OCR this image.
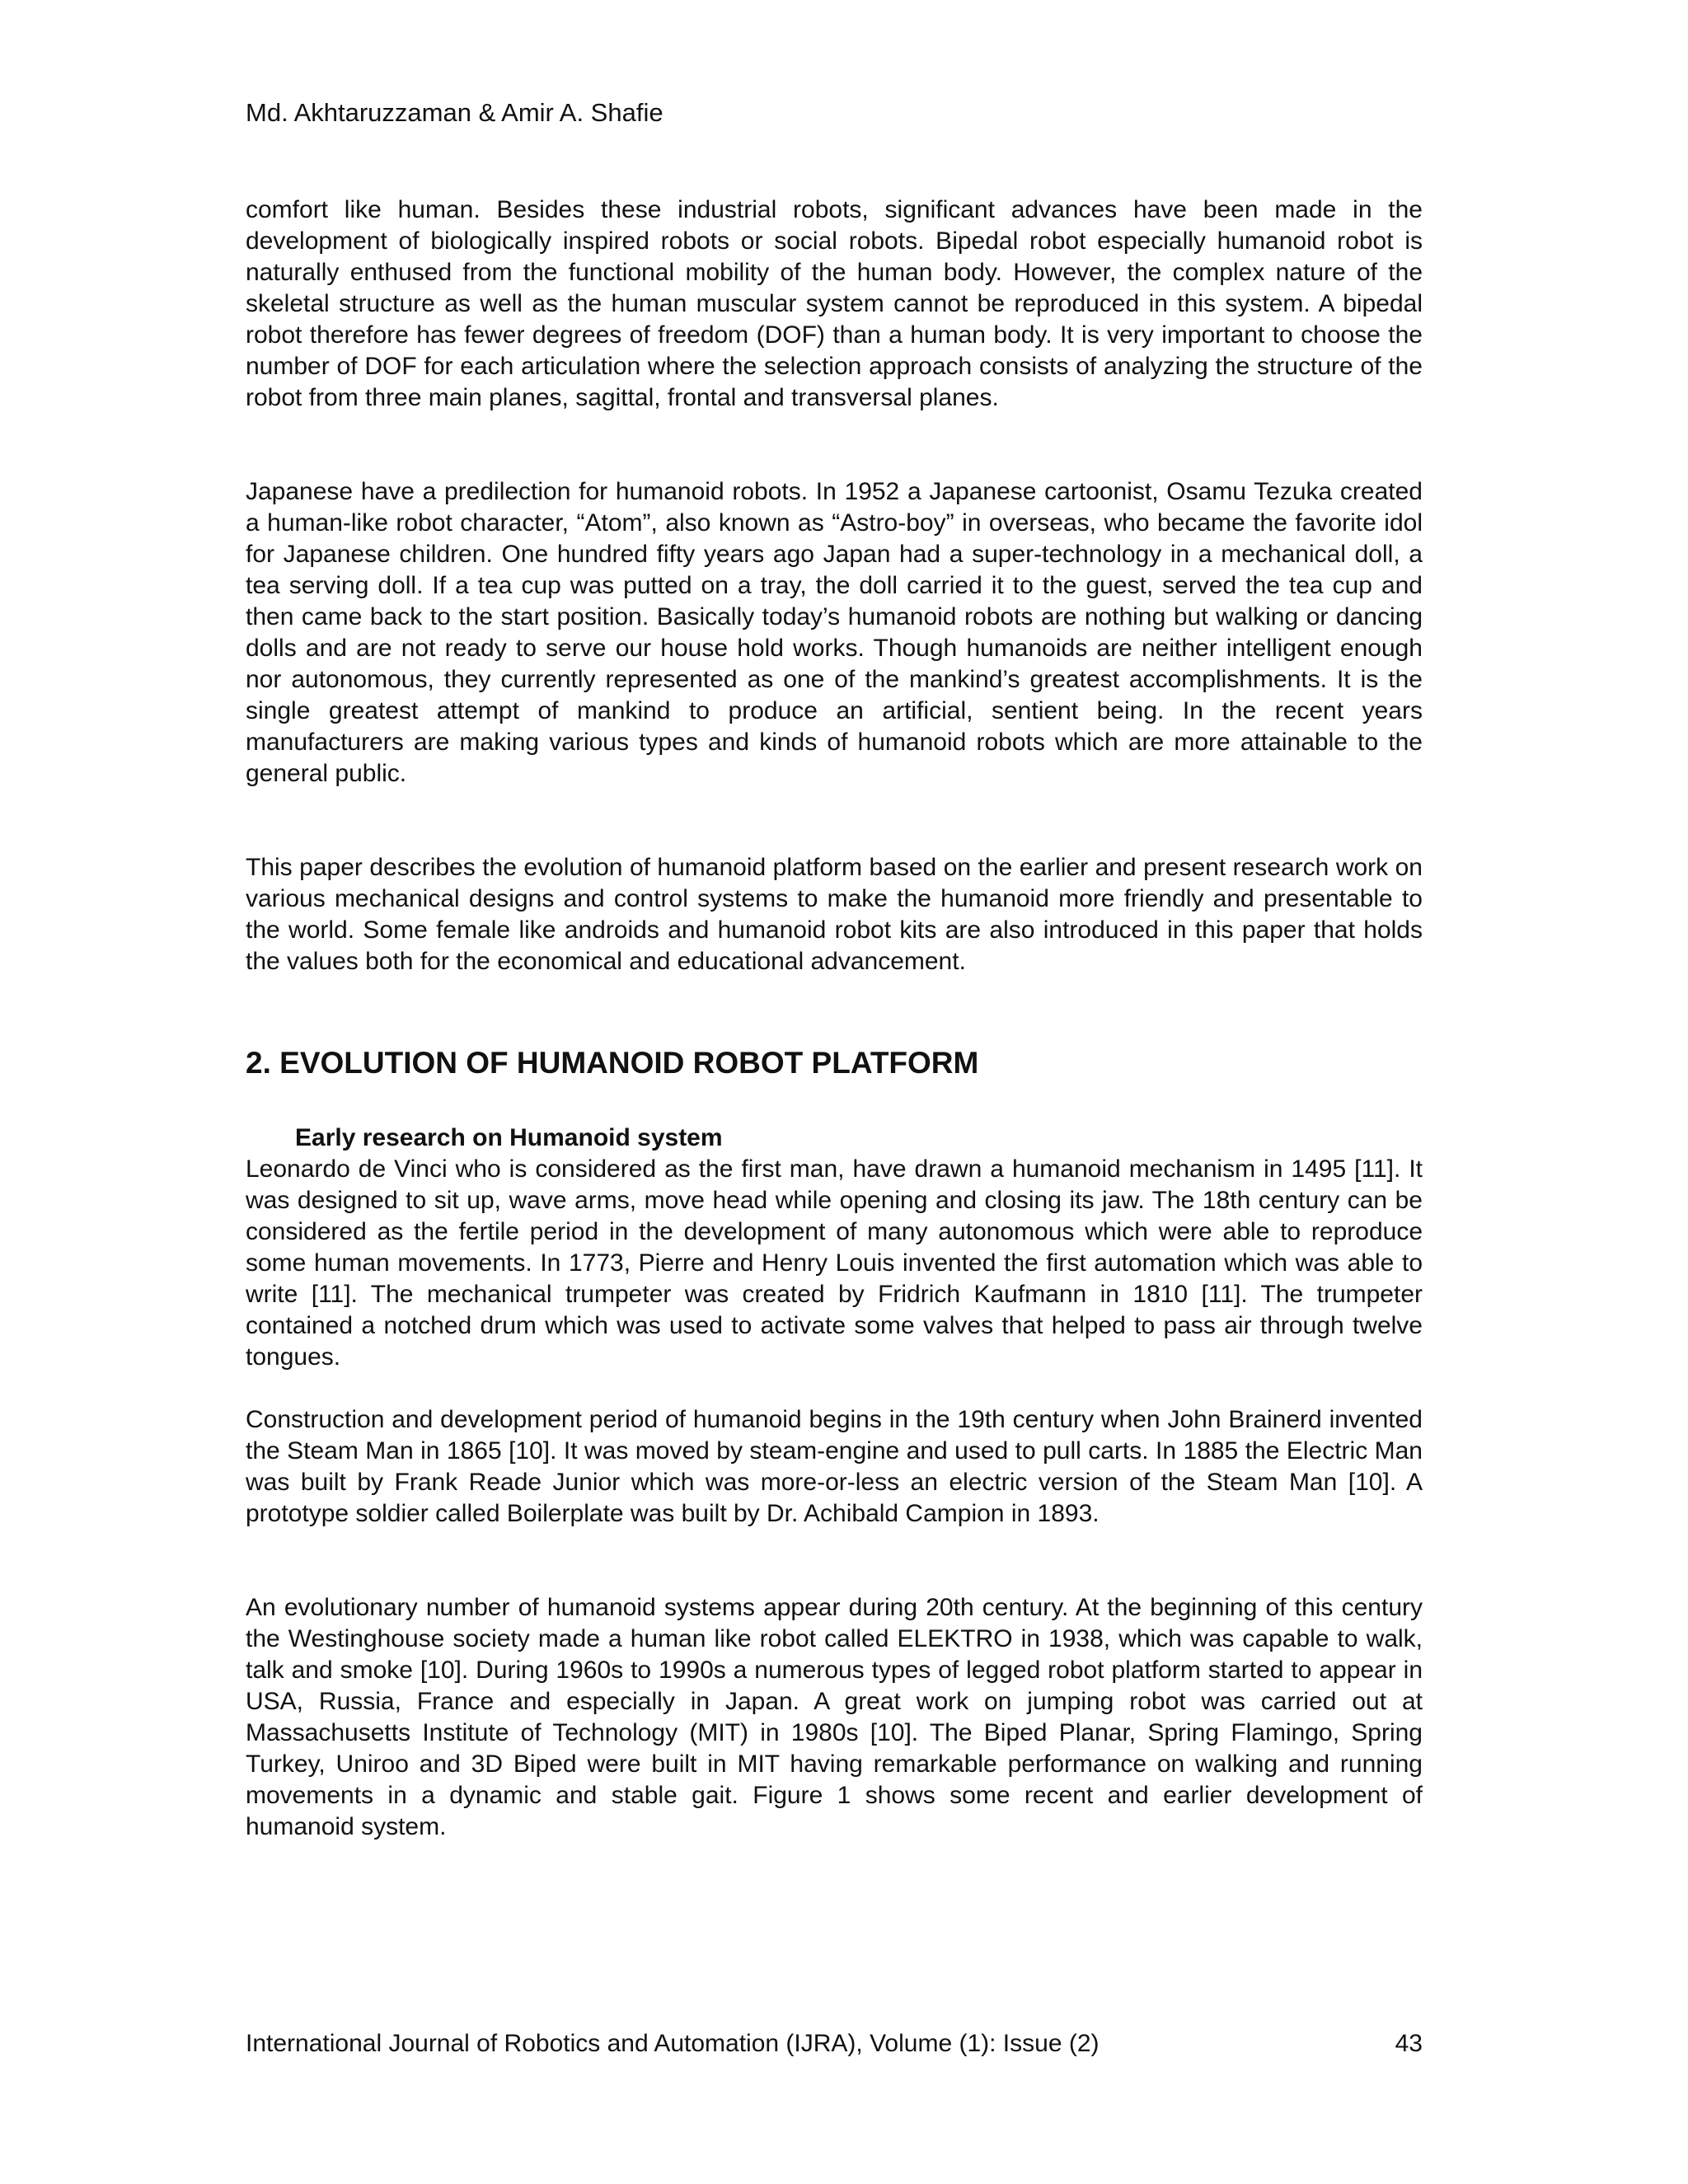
Md. Akhtaruzzaman & Amir A. Shafie

comfort like human. Besides these industrial robots, significant advances have been made in the development of biologically inspired robots or social robots. Bipedal robot especially humanoid robot is naturally enthused from the functional mobility of the human body. However, the complex nature of the skeletal structure as well as the human muscular system cannot be reproduced in this system. A bipedal robot therefore has fewer degrees of freedom (DOF) than a human body. It is very important to choose the number of DOF for each articulation where the selection approach consists of analyzing the structure of the robot from three main planes, sagittal, frontal and transversal planes.

Japanese have a predilection for humanoid robots. In 1952 a Japanese cartoonist, Osamu Tezuka created a human-like robot character, “Atom”, also known as “Astro-boy” in overseas, who became the favorite idol for Japanese children. One hundred fifty years ago Japan had a super-technology in a mechanical doll, a tea serving doll. If a tea cup was putted on a tray, the doll carried it to the guest, served the tea cup and then came back to the start position. Basically today’s humanoid robots are nothing but walking or dancing dolls and are not ready to serve our house hold works. Though humanoids are neither intelligent enough nor autonomous, they currently represented as one of the mankind’s greatest accomplishments. It is the single greatest attempt of mankind to produce an artificial, sentient being. In the recent years manufacturers are making various types and kinds of humanoid robots which are more attainable to the general public.

This paper describes the evolution of humanoid platform based on the earlier and present research work on various mechanical designs and control systems to make the humanoid more friendly and presentable to the world. Some female like androids and humanoid robot kits are also introduced in this paper that holds the values both for the economical and educational advancement.

2. EVOLUTION OF HUMANOID ROBOT PLATFORM
Early research on Humanoid system

Leonardo de Vinci who is considered as the first man, have drawn a humanoid mechanism in 1495 [11]. It was designed to sit up, wave arms, move head while opening and closing its jaw. The 18th century can be considered as the fertile period in the development of many autonomous which were able to reproduce some human movements. In 1773, Pierre and Henry Louis invented the first automation which was able to write [11]. The mechanical trumpeter was created by Fridrich Kaufmann in 1810 [11]. The trumpeter contained a notched drum which was used to activate some valves that helped to pass air through twelve tongues.

Construction and development period of humanoid begins in the 19th century when John Brainerd invented the Steam Man in 1865 [10]. It was moved by steam-engine and used to pull carts. In 1885 the Electric Man was built by Frank Reade Junior which was more-or-less an electric version of the Steam Man [10]. A prototype soldier called Boilerplate was built by Dr. Achibald Campion in 1893.

An evolutionary number of humanoid systems appear during 20th century. At the beginning of this century the Westinghouse society made a human like robot called ELEKTRO in 1938, which was capable to walk, talk and smoke [10]. During 1960s to 1990s a numerous types of legged robot platform started to appear in USA, Russia, France and especially in Japan. A great work on jumping robot was carried out at Massachusetts Institute of Technology (MIT) in 1980s [10]. The Biped Planar, Spring Flamingo, Spring Turkey, Uniroo and 3D Biped were built in MIT having remarkable performance on walking and running movements in a dynamic and stable gait. Figure 1 shows some recent and earlier development of humanoid system.

International Journal of Robotics and Automation (IJRA), Volume (1): Issue (2)	43
